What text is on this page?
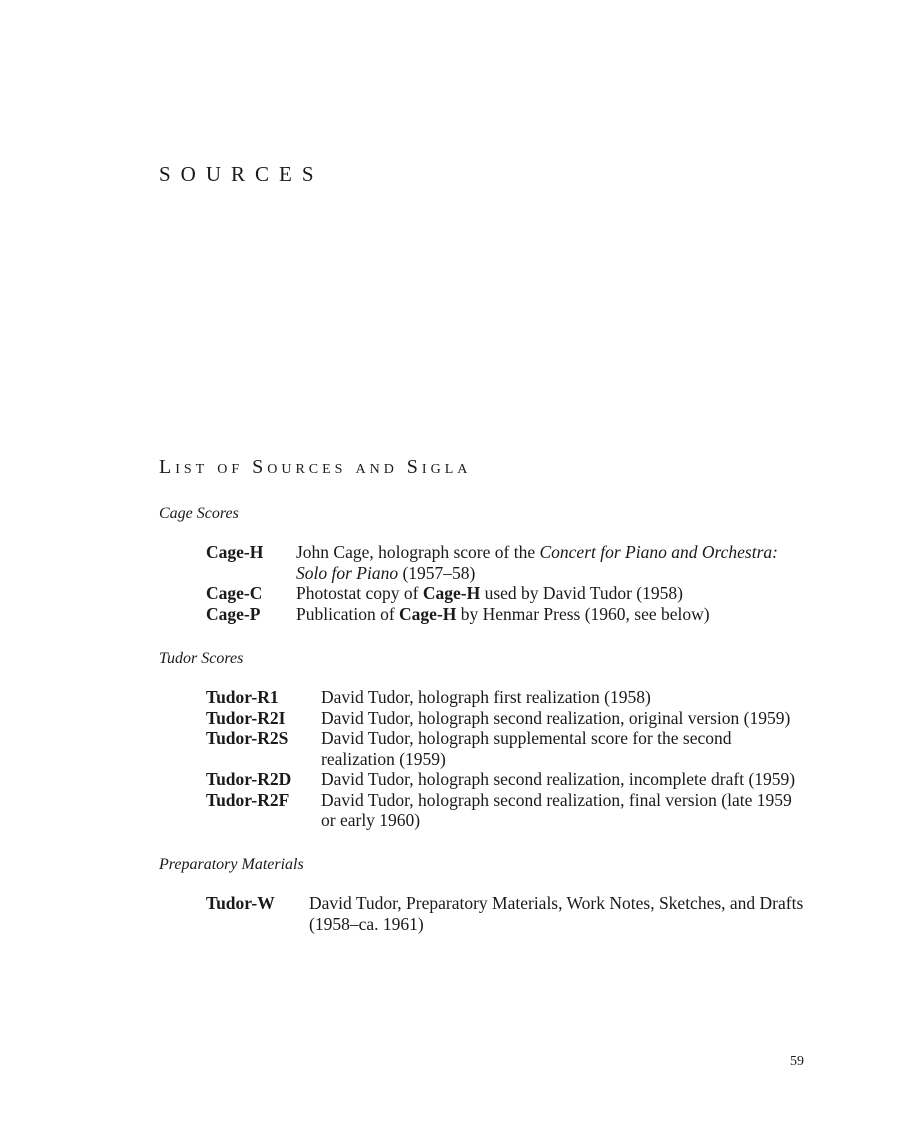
SOURCES
List of Sources and Sigla
Cage Scores
Cage-H	John Cage, holograph score of the Concert for Piano and Orchestra: Solo for Piano (1957–58)
Cage-C	Photostat copy of Cage-H used by David Tudor (1958)
Cage-P	Publication of Cage-H by Henmar Press (1960, see below)
Tudor Scores
Tudor-R1	David Tudor, holograph first realization (1958)
Tudor-R2I	David Tudor, holograph second realization, original version (1959)
Tudor-R2S	David Tudor, holograph supplemental score for the second realization (1959)
Tudor-R2D	David Tudor, holograph second realization, incomplete draft (1959)
Tudor-R2F	David Tudor, holograph second realization, final version (late 1959 or early 1960)
Preparatory Materials
Tudor-W	David Tudor, Preparatory Materials, Work Notes, Sketches, and Drafts (1958–ca. 1961)
59
